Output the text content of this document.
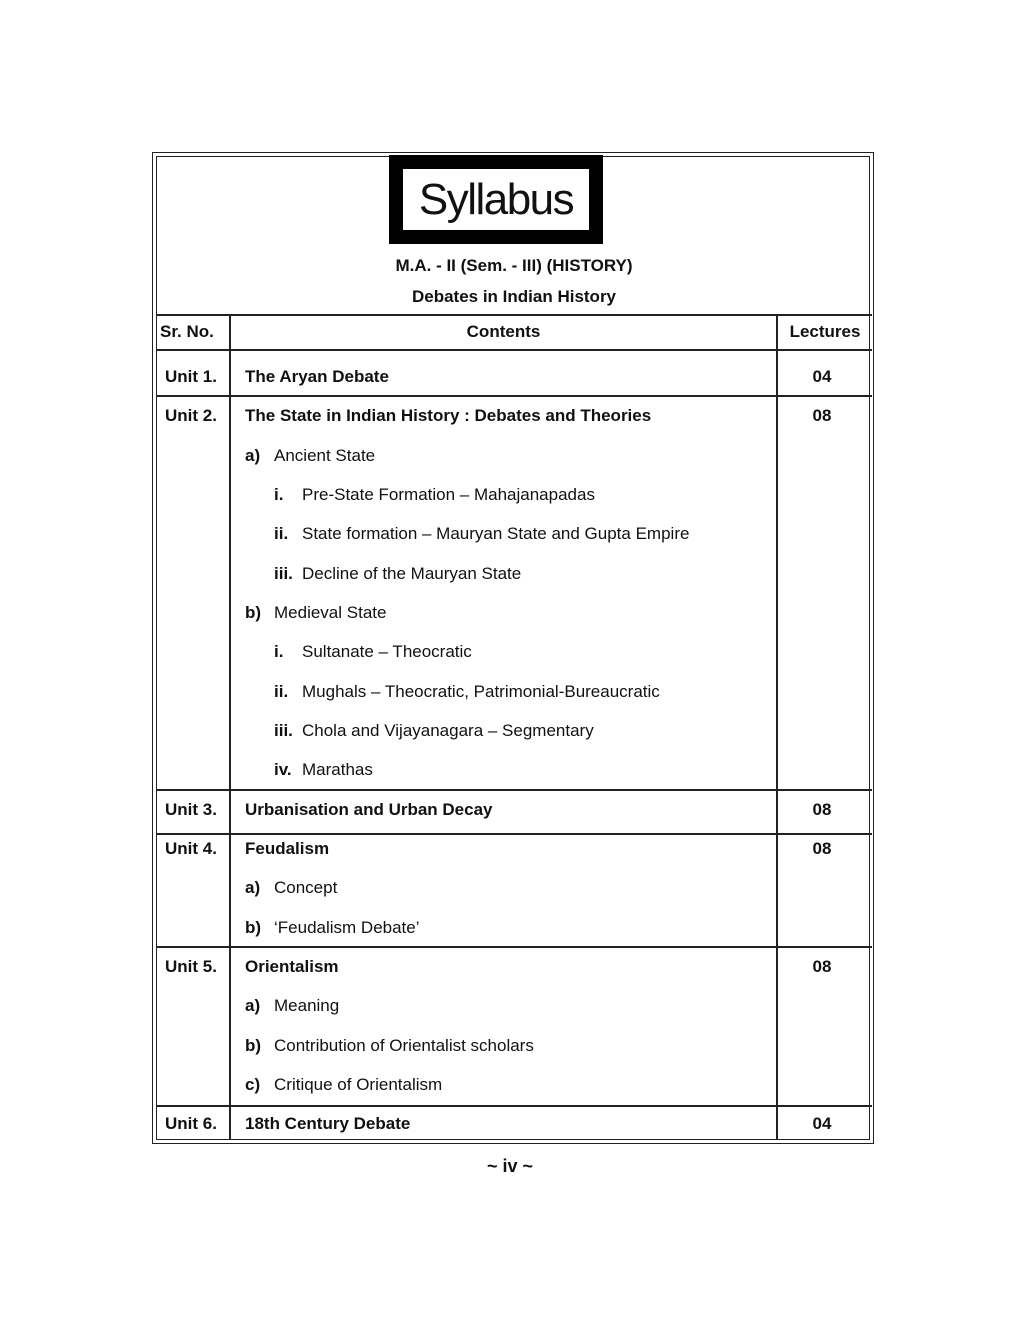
Syllabus
M.A. - II (Sem. - III) (HISTORY)
Debates in Indian History
Sr. No.	Contents	Lectures
Unit 1. The Aryan Debate	04
Unit 2. The State in Indian History : Debates and Theories	08
a) Ancient State
i. Pre-State Formation – Mahajanapadas
ii. State formation – Mauryan State and Gupta Empire
iii. Decline of the Mauryan State
b) Medieval State
i. Sultanate – Theocratic
ii. Mughals – Theocratic, Patrimonial-Bureaucratic
iii. Chola and Vijayanagara – Segmentary
iv. Marathas
Unit 3. Urbanisation and Urban Decay	08
Unit 4. Feudalism	08
a) Concept
b) ‘Feudalism Debate’
Unit 5. Orientalism	08
a) Meaning
b) Contribution of Orientalist scholars
c) Critique of Orientalism
Unit 6. 18th Century Debate	04
~ iv ~
